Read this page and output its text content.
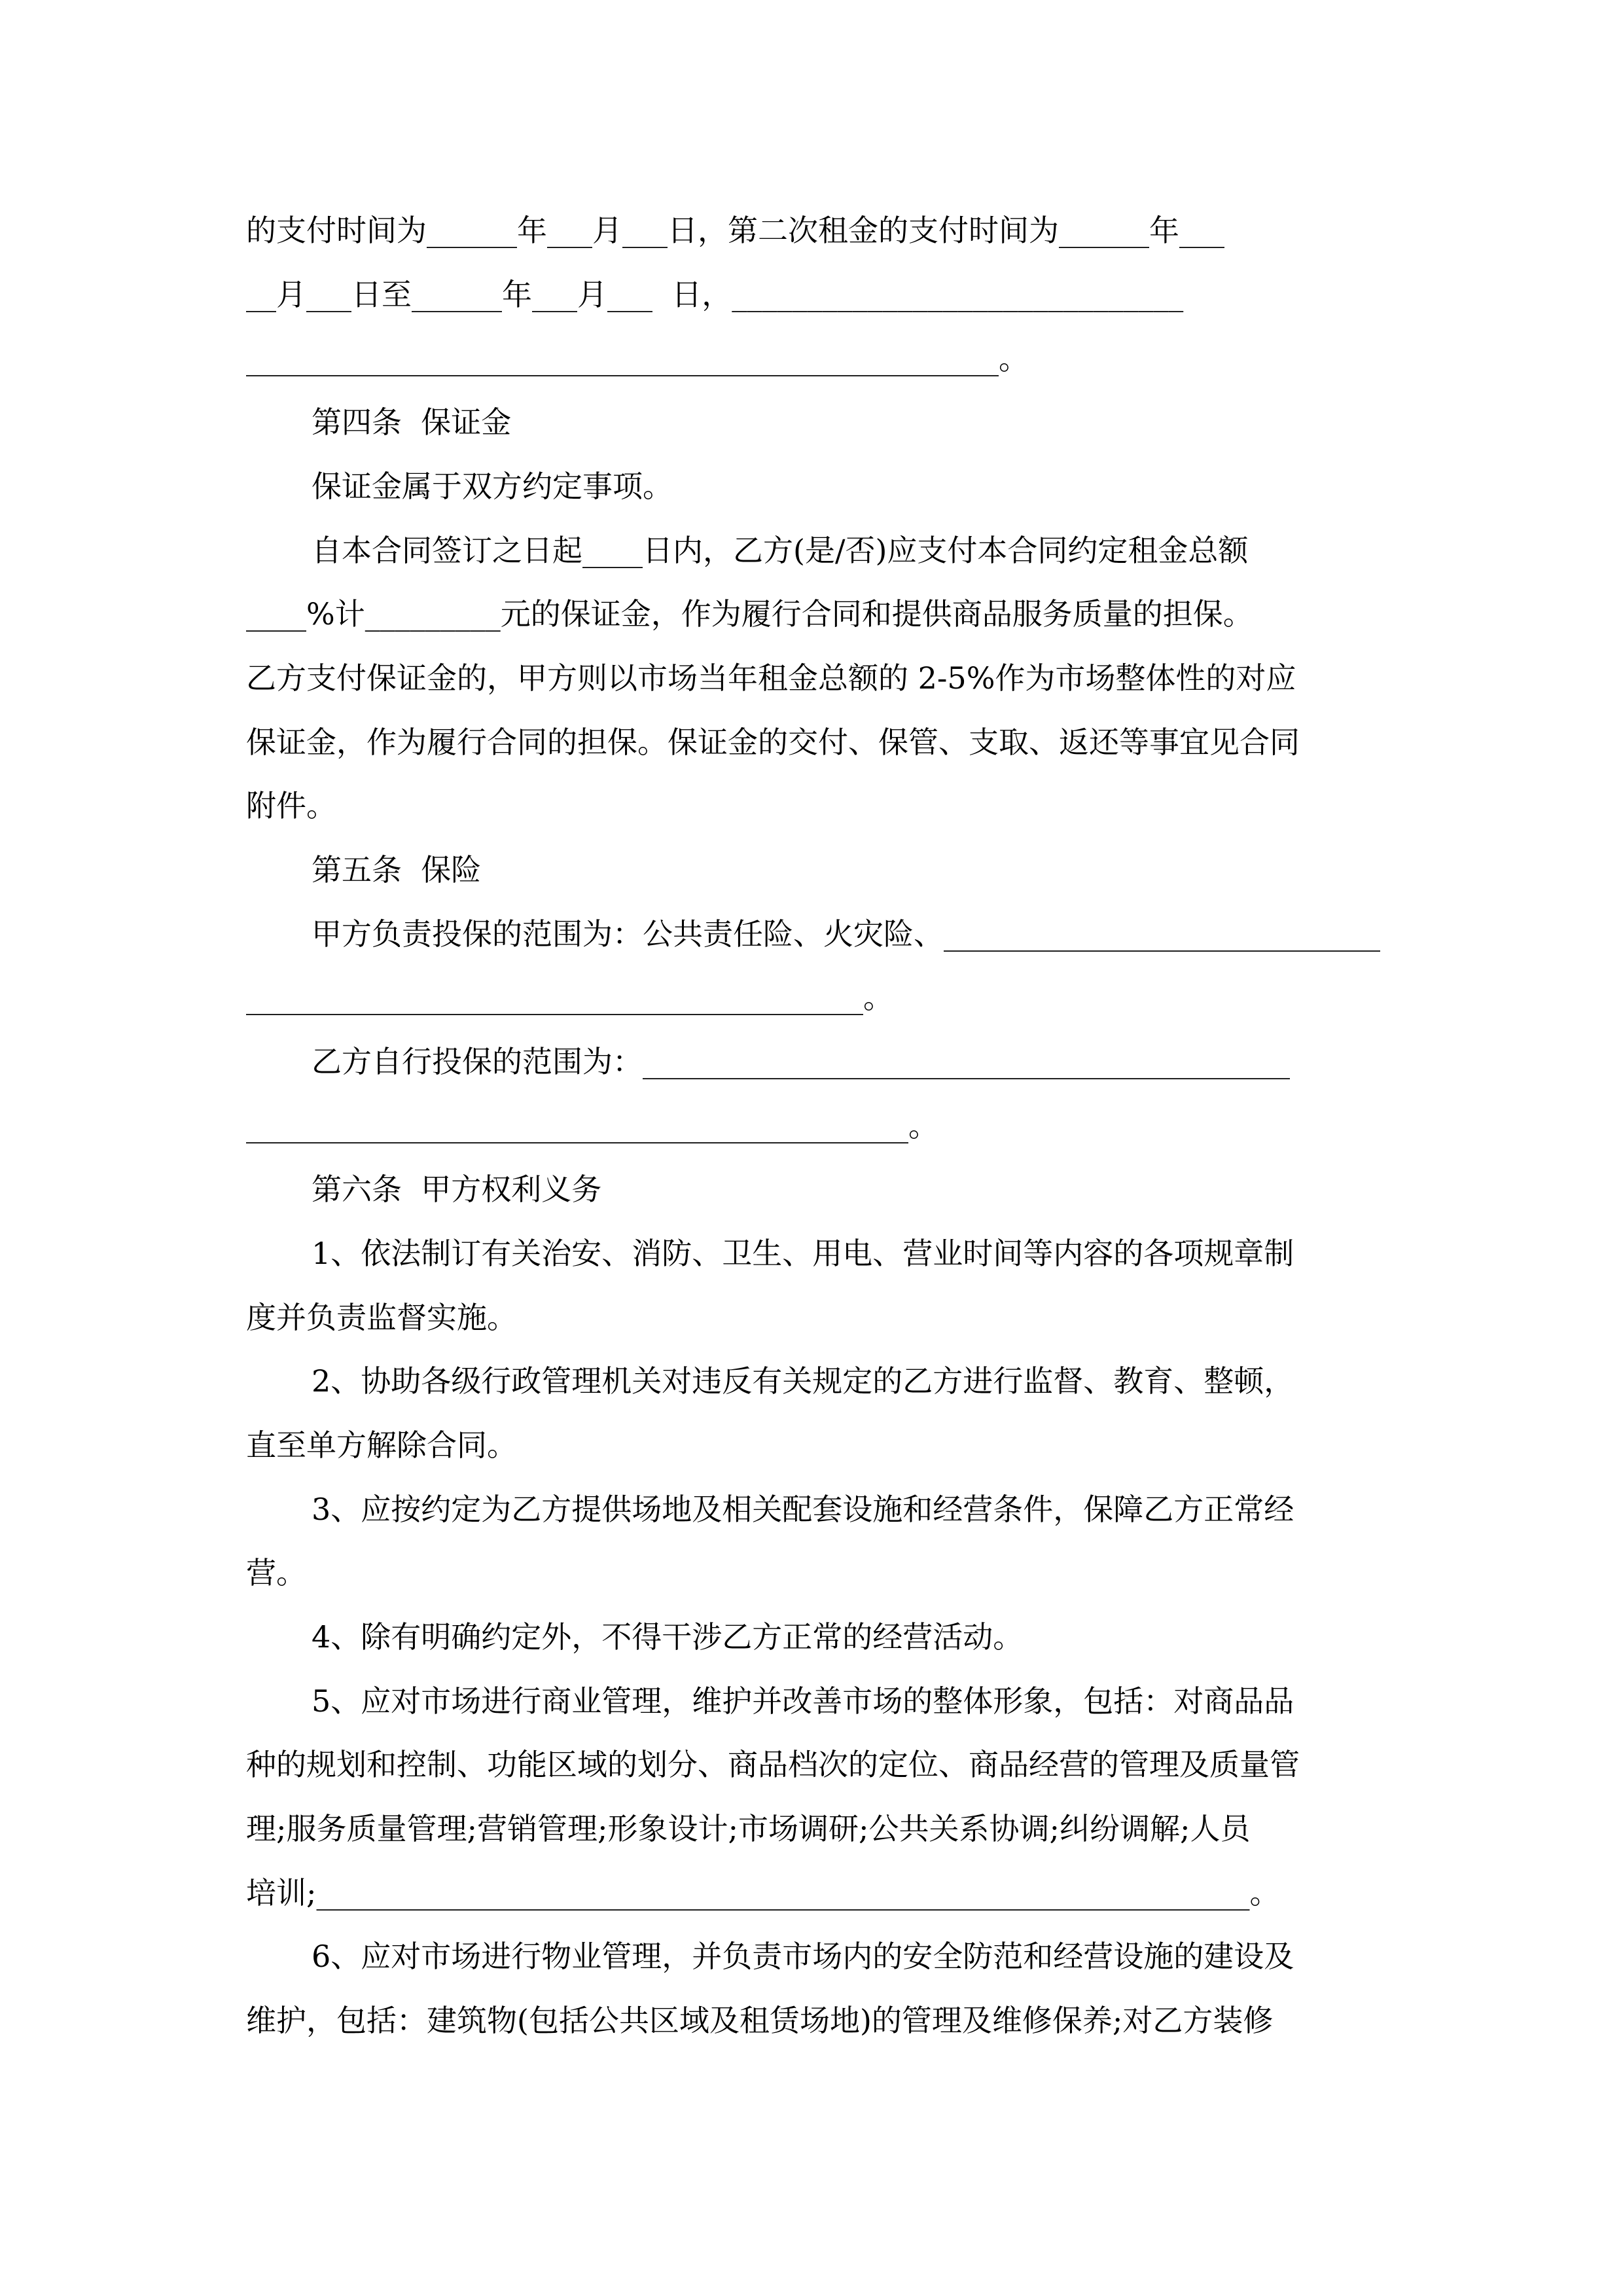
的支付时间为______年___月___日，第二次租金的支付时间为______年___
__月___日至______年___月___  日，______________________________
__________________________________________________。
第四条  保证金
保证金属于双方约定事项。
自本合同签订之日起____日内，乙方(是/否)应支付本合同约定租金总额
____%计_________元的保证金，作为履行合同和提供商品服务质量的担保。
乙方支付保证金的，甲方则以市场当年租金总额的 2-5%作为市场整体性的对应
保证金，作为履行合同的担保。保证金的交付、保管、支取、返还等事宜见合同
附件。
第五条  保险
甲方负责投保的范围为：公共责任险、火灾险、_____________________________
_________________________________________。
乙方自行投保的范围为：___________________________________________
____________________________________________。
第六条  甲方权利义务
1、依法制订有关治安、消防、卫生、用电、营业时间等内容的各项规章制
度并负责监督实施。
2、协助各级行政管理机关对违反有关规定的乙方进行监督、教育、整顿，
直至单方解除合同。
3、应按约定为乙方提供场地及相关配套设施和经营条件，保障乙方正常经
营。
4、除有明确约定外，不得干涉乙方正常的经营活动。
5、应对市场进行商业管理，维护并改善市场的整体形象，包括：对商品品
种的规划和控制、功能区域的划分、商品档次的定位、商品经营的管理及质量管
理;服务质量管理;营销管理;形象设计;市场调研;公共关系协调;纠纷调解;人员
培训;______________________________________________________________。
6、应对市场进行物业管理，并负责市场内的安全防范和经营设施的建设及
维护，包括：建筑物(包括公共区域及租赁场地)的管理及维修保养;对乙方装修
